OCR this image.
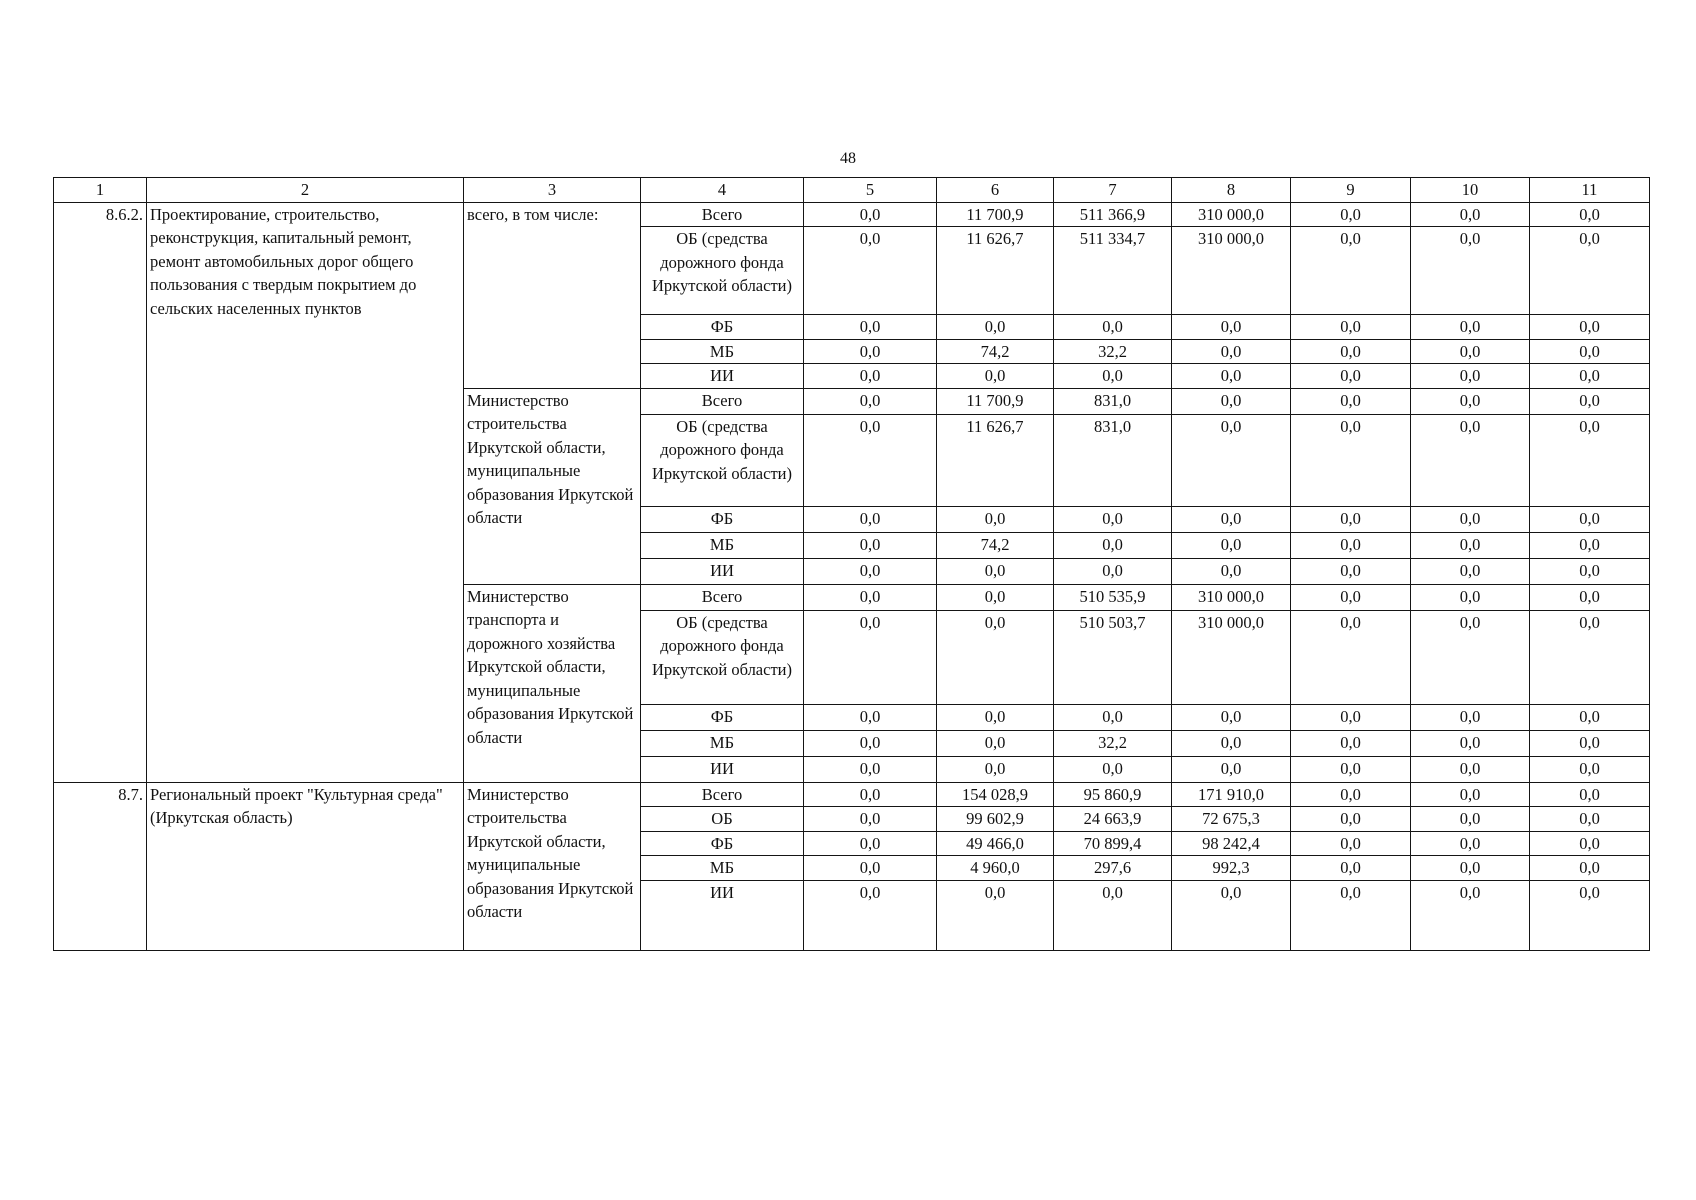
48
1	2	3	4	5	6	7	8	9	10	11
8.6.2.	Проектирование, строительство, реконструкция, капитальный ремонт, ремонт автомобильных дорог общего пользования с твердым покрытием до сельских населенных пунктов	всего, в том числе:	Всего	0,0	11 700,9	511 366,9	310 000,0	0,0	0,0	0,0
			ОБ (средства дорожного фонда Иркутской области)	0,0	11 626,7	511 334,7	310 000,0	0,0	0,0	0,0
			ФБ	0,0	0,0	0,0	0,0	0,0	0,0	0,0
			МБ	0,0	74,2	32,2	0,0	0,0	0,0	0,0
			ИИ	0,0	0,0	0,0	0,0	0,0	0,0	0,0
		Министерство строительства Иркутской области, муниципальные образования Иркутской области	Всего	0,0	11 700,9	831,0	0,0	0,0	0,0	0,0
			ОБ (средства дорожного фонда Иркутской области)	0,0	11 626,7	831,0	0,0	0,0	0,0	0,0
			ФБ	0,0	0,0	0,0	0,0	0,0	0,0	0,0
			МБ	0,0	74,2	0,0	0,0	0,0	0,0	0,0
			ИИ	0,0	0,0	0,0	0,0	0,0	0,0	0,0
		Министерство транспорта и дорожного хозяйства Иркутской области, муниципальные образования Иркутской области	Всего	0,0	0,0	510 535,9	310 000,0	0,0	0,0	0,0
			ОБ (средства дорожного фонда Иркутской области)	0,0	0,0	510 503,7	310 000,0	0,0	0,0	0,0
			ФБ	0,0	0,0	0,0	0,0	0,0	0,0	0,0
			МБ	0,0	0,0	32,2	0,0	0,0	0,0	0,0
			ИИ	0,0	0,0	0,0	0,0	0,0	0,0	0,0
8.7.	Региональный проект "Культурная среда" (Иркутская область)	Министерство строительства Иркутской области, муниципальные образования Иркутской области	Всего	0,0	154 028,9	95 860,9	171 910,0	0,0	0,0	0,0
			ОБ	0,0	99 602,9	24 663,9	72 675,3	0,0	0,0	0,0
			ФБ	0,0	49 466,0	70 899,4	98 242,4	0,0	0,0	0,0
			МБ	0,0	4 960,0	297,6	992,3	0,0	0,0	0,0
			ИИ	0,0	0,0	0,0	0,0	0,0	0,0	0,0
